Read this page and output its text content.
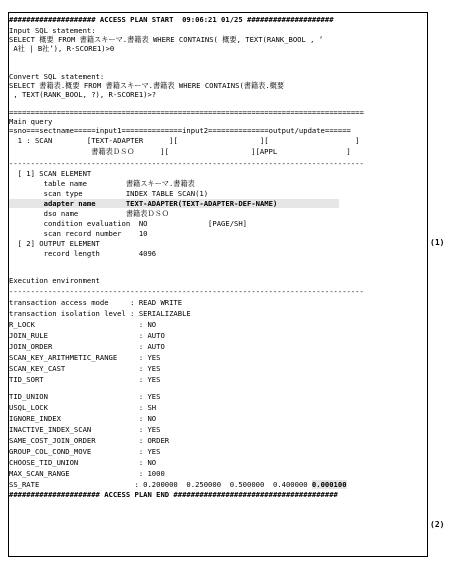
#################### ACCESS PLAN START  09:06:21 01/25 ####################
Input SQL statement:
SELECT 概要 FROM 書籍スキーマ.書籍表 WHERE CONTAINS( 概要, TEXT(RANK_BOOL , ’
A社 | B社’), R-SCORE1)>0
Convert SQL statement:
SELECT 書籍表.概要 FROM 書籍スキーマ.書籍表 WHERE CONTAINS(書籍表.概要
, TEXT(RANK_BOOL, ?), R-SCORE1)>?
==================================================================================
Main query
=sno===sectname=====input1==============input2==============output/update======
1 : SCAN        [TEXT-ADAPTER      ][                   ][                    ]
書籍表ＤＳＯ      ][                   ][APPL                ]
----------------------------------------------------------------------------------
[ 1] SCAN ELEMENT
table name         書籍スキーマ.書籍表
scan type          INDEX TABLE SCAN(1)
adapter name       TEXT-ADAPTER(TEXT-ADAPTER-DEF-NAME)
dso name           書籍表ＤＳＯ
condition evaluation  NO              [PAGE/SH]
scan record number    10
[ 2] OUTPUT ELEMENT
record length         4096
Execution environment
----------------------------------------------------------------------------------
transaction access mode     : READ WRITE
transaction isolation level : SERIALIZABLE
R_LOCK                        : NO
JOIN_RULE                     : AUTO
JOIN_ORDER                    : AUTO
SCAN_KEY_ARITHMETIC_RANGE     : YES
SCAN_KEY_CAST                 : YES
TID_SORT                      : YES
TID_UNION                     : YES
USQL_LOCK                     : SH
IGNORE_INDEX                  : NO
INACTIVE_INDEX_SCAN           : YES
SAME_COST_JOIN_ORDER          : ORDER
GROUP_COL_COND_MOVE           : YES
CHOOSE_TID_UNION              : NO
MAX_SCAN_RANGE                : 1000
SS_RATE                      : 0.200000  0.250000  0.500000  0.400000 0.000100
##################### ACCESS PLAN END ######################################
(1)
(2)
